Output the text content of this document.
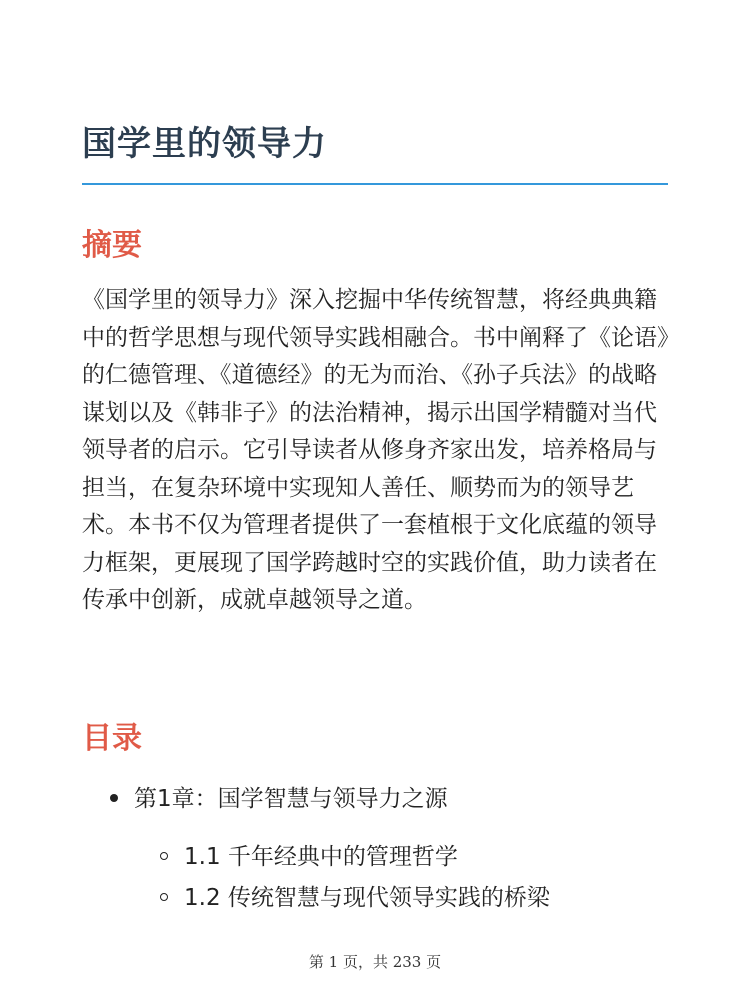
国学里的领导力
摘要

《国学里的领导力》深入挖掘中华传统智慧，将经典典籍中的哲学思想与现代领导实践相融合。书中阐释了《论语》的仁德管理、《道德经》的无为而治、《孙子兵法》的战略谋划以及《韩非子》的法治精神，揭示出国学精髓对当代领导者的启示。它引导读者从修身齐家出发，培养格局与担当，在复杂环境中实现知人善任、顺势而为的领导艺术。本书不仅为管理者提供了一套植根于文化底蕴的领导力框架，更展现了国学跨越时空的实践价值，助力读者在传承中创新，成就卓越领导之道。

目录
第1章：国学智慧与领导力之源
1.1 千年经典中的管理哲学
1.2 传统智慧与现代领导实践的桥梁
第 1 页，共 233 页
